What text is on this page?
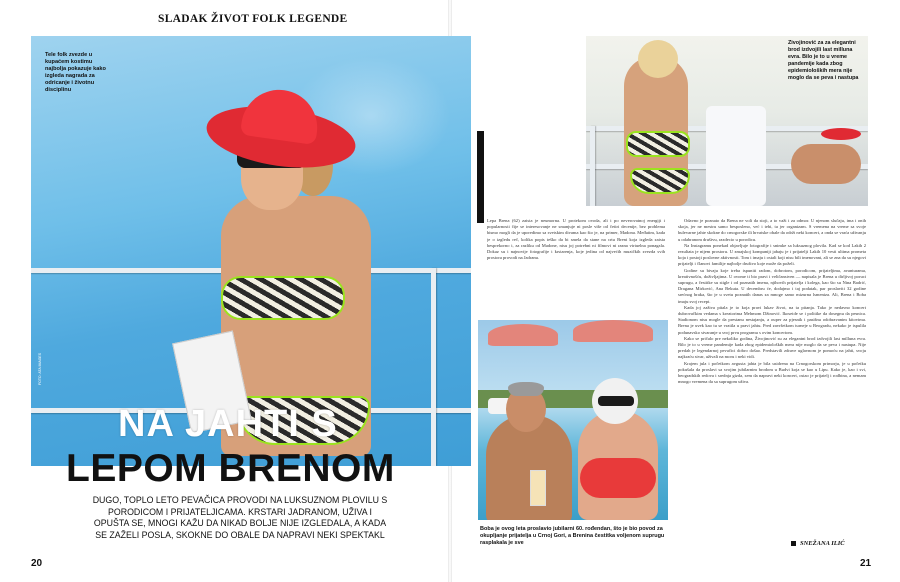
SLADAK ŽIVOT FOLK LEGENDE
Tele folk zvezde u kupaćem kostimu najbolja pokazuje kako izgleda nagrada za odricanje i životnu disciplinu
FOTO: ATA IMAGES
NA JAHTI S
LEPOM BRENOM
DUGO, TOPLO LETO PEVAČICA PROVODI NA LUKSUZNOM PLOVILU S PORODICOM I PRIJATELJICAMA. KRSTARI JADRANOM, UŽIVA I OPUŠTA SE, MNOGI KAŽU DA NIKAD BOLJE NIJE IZGLEDALA, A KADA SE ZAŽELI POSLA, SKOKNE DO OBALE DA NAPRAVI NEKI SPEKTAKL
20	21
Zivojinović za za elegantni brod izdvojili last milluna evra. Bilo je to u vreme pandemije kada zbog epidemioloških mera nije moglo da se peva i nastupa
Lepa Brena (62) zaista je neumorna. U protekom ovoda, ali i po neverovatnoj energiji i popularnosti čije se interesovanje ne smanjuje ni posle više od četiri decenije, bez problema bismo mogli da je uporedimo sa svetskim divama kao što je, na primer, Madona. Međutim, kada je o izgledu reč, kolika popis teško da bi smela da stane na crtu Breni koja izgleda zaista besprekorno i, za razliku od Madone, nisu joj potrebni ni filmovi ni razna virtuelna ponagala. Dokaz su i najnovije fotografije i krstarenja, koje jedina od najvećih muzičkih zvezda svih prostora provodi na Jadranu.

Odavno je poznato da Brena ne voli da stoji, a to važi i za odmor. U njenom slučaju, ima i onih skoja, jer ne mestru samo besposleno, već i tebi, ta jer organizam. S vremena na vreme sa svoje bulevarne jahte skokne do crnogorske ili hrvatske obale da održi neki koncert, a onda se vraća uživanju u odabranom društvu, razdecio u porodicu.

Na Instagramu ponekad objavljuje fotografije i snimke sa luksuznog plovila. Kad se kod Lakih 2 rezultata je nijem prostoru. U zmajskoj kompaniji jabaju je i prijatelji Lakih 10 vesti ultima prometa koja i postoji poslovne aktivnosti. Tom i imaju i ostali koji nisu bili imenovani, ali se zna da su njegovi prijatelji i članovi familije najbolje društvo koje može da poželi.

Godine su bivaju koje treba ispuniti radom, dobrotom, porodicom, prijateljima, avanturama, kreativnošću, doživljajima. U ovome ti bio pravi i veličanstven — napisala je Brena u dirljivoj poruci suprugu, a čestitke su stigle i od poznatih imena, njihovih prijatelja i kolega, kao što su Nina Badrić, Dragana Mirković, Ana Bekuta. U decembru će, dodajmo i taj podatak, par proslaviti 32 godine srećnog braka, što je u svetu poznatih danas za mnoge samo mizurna lsmeniza. Ali, Brena i Boba imaju svoj recept.

Kada joj zaživa pitala je to koja pravi lukav život, na ta pitanja. Tako je nedavno koncert dubrovačkim vedama s kreatorima Mehmom Džinović. Ikoseide se i politike da dosegnu da pesnica. Stadionom nisu mogle da prestanu nestajanju, a ouper za pjesnik i pasišnu odobravanim kitovima. Brena je uvek kao tu se vratila u pravi jahtu. Pred završetkom turneje u Beogradu, nekako je ispulila podunavsko stvaranje u svoj prvu programu s ovim koncertom.

Kako se pričalo pre nekoliko godina, Živojinović su za elegantni brod izdvojili last milluna evra. Bilo je to u vreme pandemije kada zbog epidemioloških mera nije moglo da se peva i nastupa. Nije predah je legendarnoj pevačici dobro došao. Predstavili zdrave uglavnom je pomoću na jahti, svoju najkraću stvar, uživali na moru i neki vidi.

Krajem jula i početkom avgusta jahta je bila usidrena na Crnogorskom primorju, je u početku pokušala da proslavi sa svojim jubilarnim brodom u Budvi koja se kao u Lipu. Kako je, kao i svi, beogradskih redova i srednja gizda, sem da napravi neki koncert, ostao je prijatelj i rodbina, a nemam mnogo vremena da sa suprugom uživa.

SNEŽANA ILIĆ
Boba je ovog leta proslavio jubilarni 60. rođendan, što je bio povod za okupljanje prijatelja u Crnoj Gori, a Brenina čestitka voljenom suprugu rasplakala je sve
